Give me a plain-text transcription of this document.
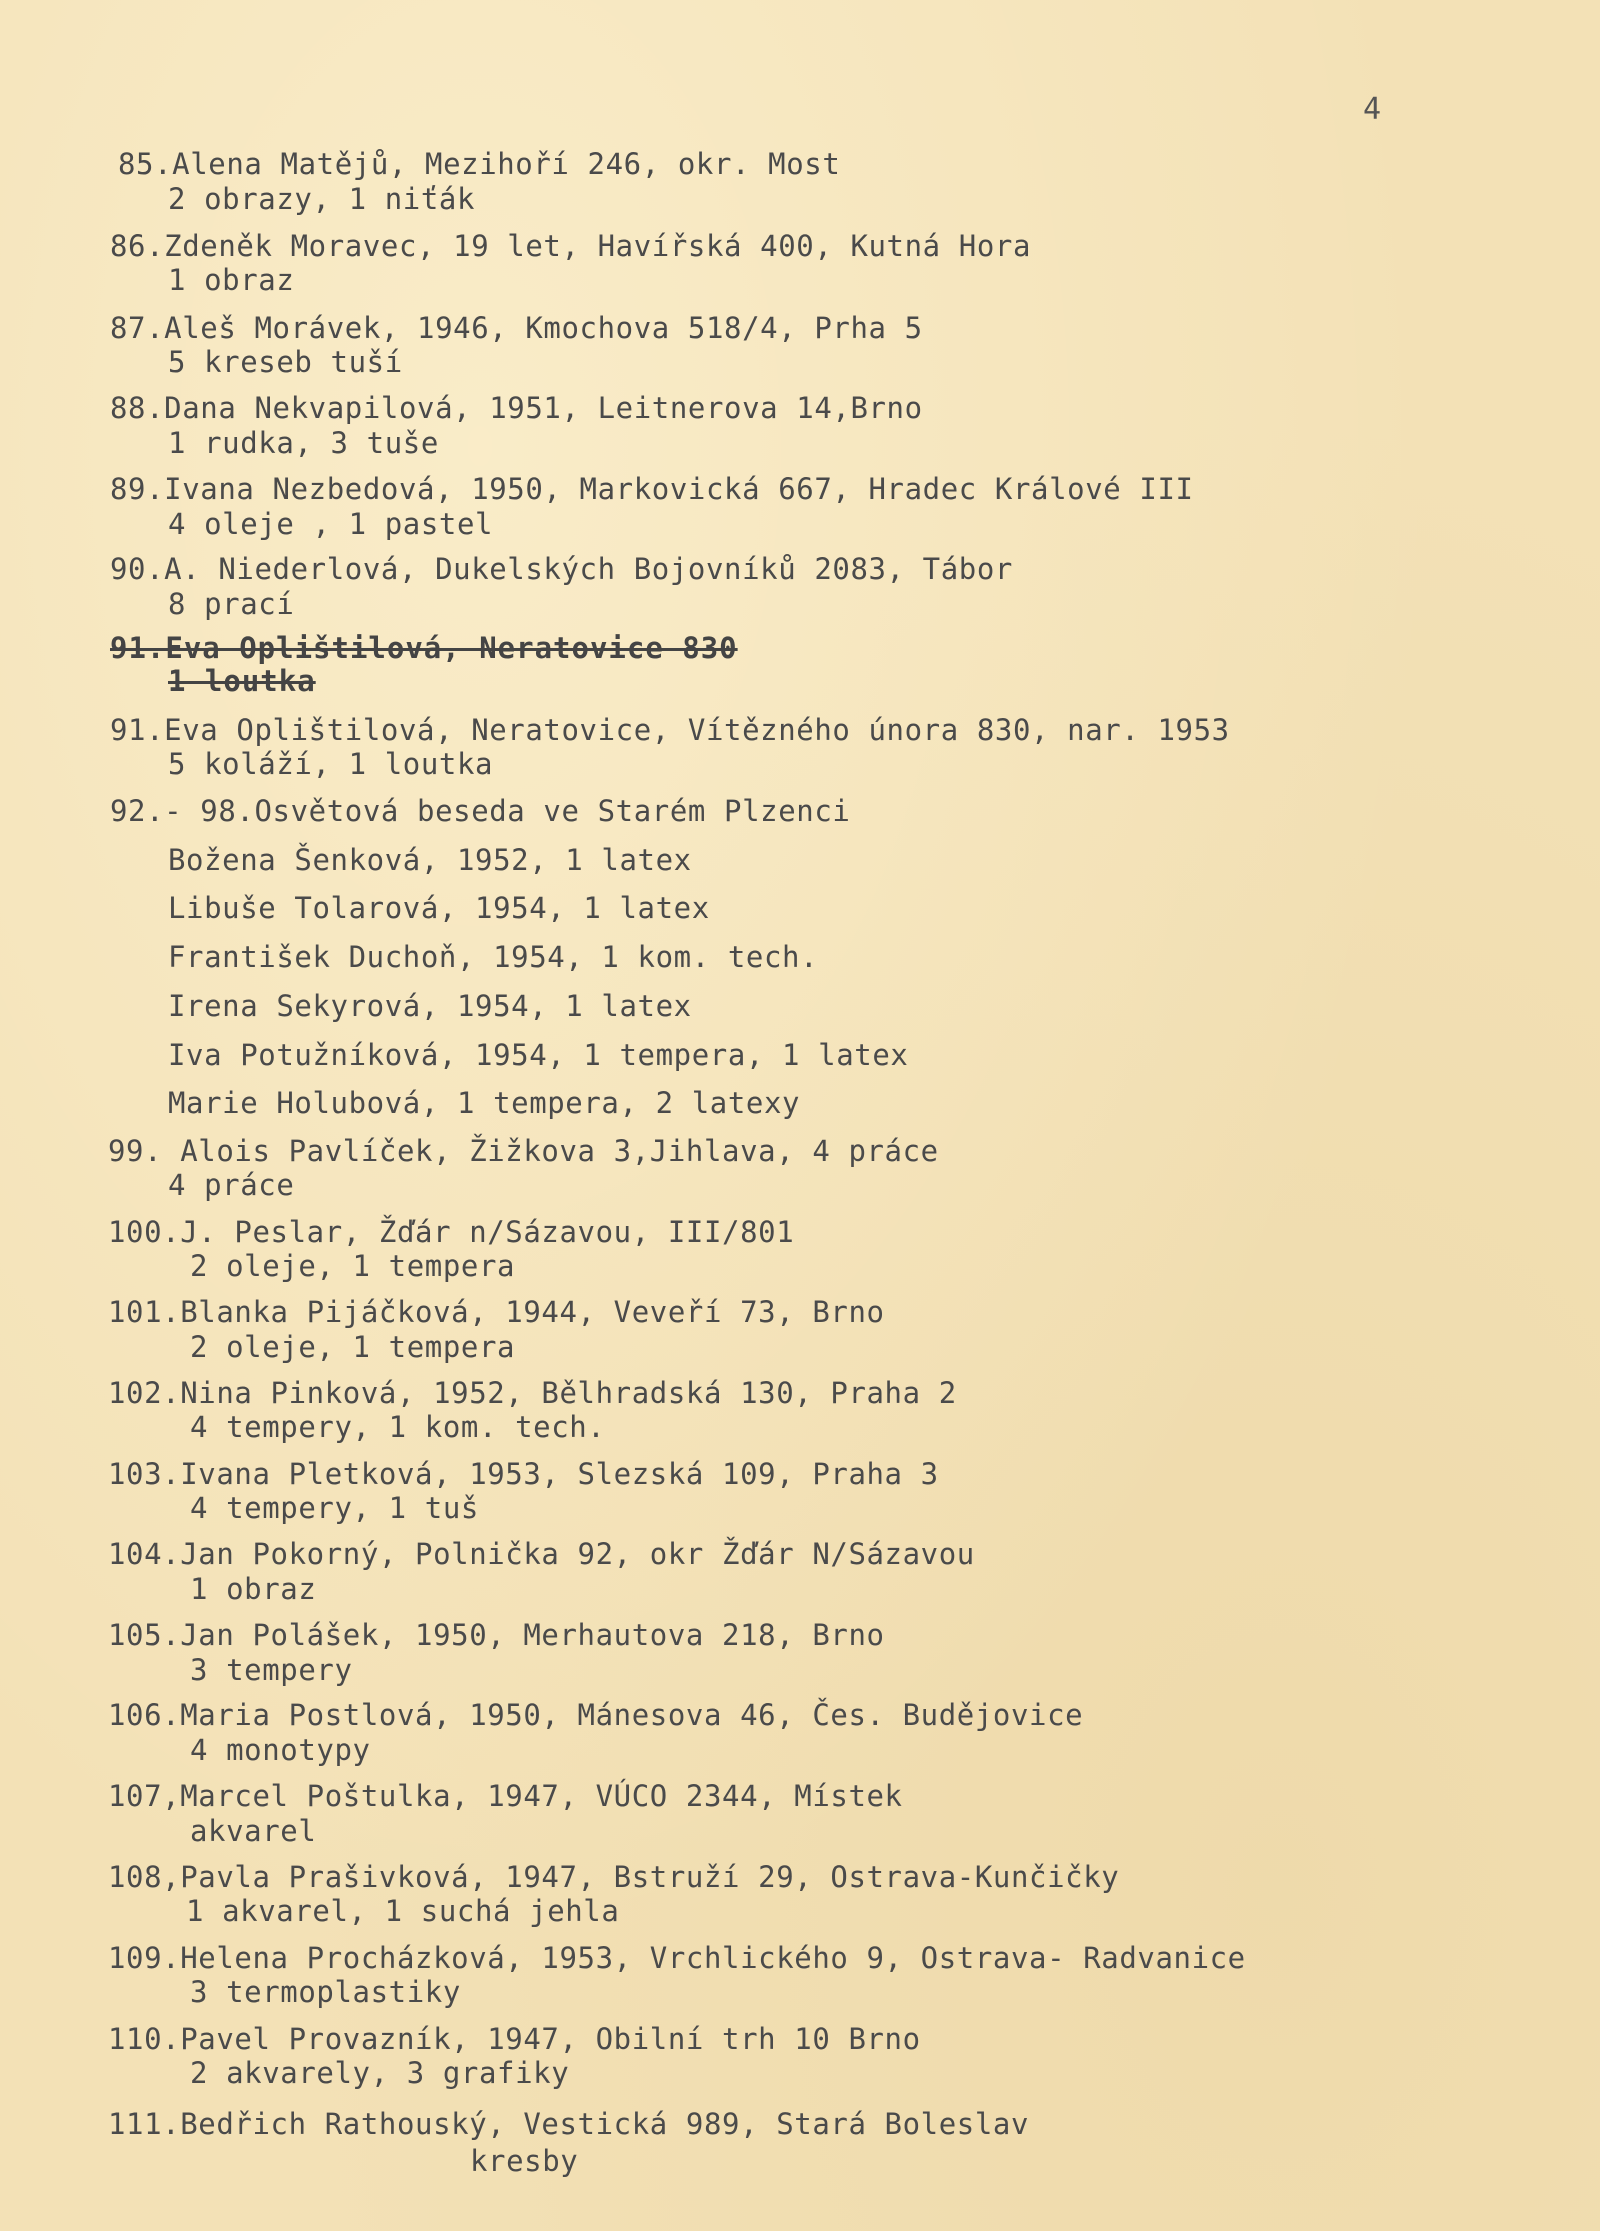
4
85.Alena Matějů, Mezihoří 246, okr. Most
2 obrazy, 1 niťák
86.Zdeněk Moravec, 19 let, Havířská 400, Kutná Hora
1 obraz
87.Aleš Morávek, 1946, Kmochova 518/4, Prha 5
5 kreseb tuší
88.Dana Nekvapilová, 1951, Leitnerova 14,Brno
1 rudka, 3 tuše
89.Ivana Nezbedová, 1950, Markovická 667, Hradec Králové III
4 oleje , 1 pastel
90.A. Niederlová, Dukelských Bojovníků 2083, Tábor
8 prací
91.Eva Oplištilová, Neratovice 830
1 loutka
91.Eva Oplištilová, Neratovice, Vítězného února 830, nar. 1953
5 koláží, 1 loutka
92.- 98.Osvětová beseda ve Starém Plzenci
Božena Šenková, 1952, 1 latex
Libuše Tolarová, 1954, 1 latex
František Duchoň, 1954, 1 kom. tech.
Irena Sekyrová, 1954, 1 latex
Iva Potužníková, 1954, 1 tempera, 1 latex
Marie Holubová, 1 tempera, 2 latexy
99. Alois Pavlíček, Žižkova 3,Jihlava, 4 práce
4 práce
100.J. Peslar, Žďár n/Sázavou, III/801
2 oleje, 1 tempera
101.Blanka Pijáčková, 1944, Veveří 73, Brno
2 oleje, 1 tempera
102.Nina Pinková, 1952, Bělhradská 130, Praha 2
4 tempery, 1 kom. tech.
103.Ivana Pletková, 1953, Slezská 109, Praha 3
4 tempery, 1 tuš
104.Jan Pokorný, Polnička 92, okr Žďár N/Sázavou
1 obraz
105.Jan Polášek, 1950, Merhautova 218, Brno
3 tempery
106.Maria Postlová, 1950, Mánesova 46, Čes. Budějovice
4 monotypy
107,Marcel Poštulka, 1947, VÚCO 2344, Místek
akvarel
108,Pavla Prašivková, 1947, Bstruží 29, Ostrava-Kunčičky
1 akvarel, 1 suchá jehla
109.Helena Procházková, 1953, Vrchlického 9, Ostrava- Radvanice
3 termoplastiky
110.Pavel Provazník, 1947, Obilní trh 10 Brno
2 akvarely, 3 grafiky
111.Bedřich Rathouský, Vestická 989, Stará Boleslav
kresby
